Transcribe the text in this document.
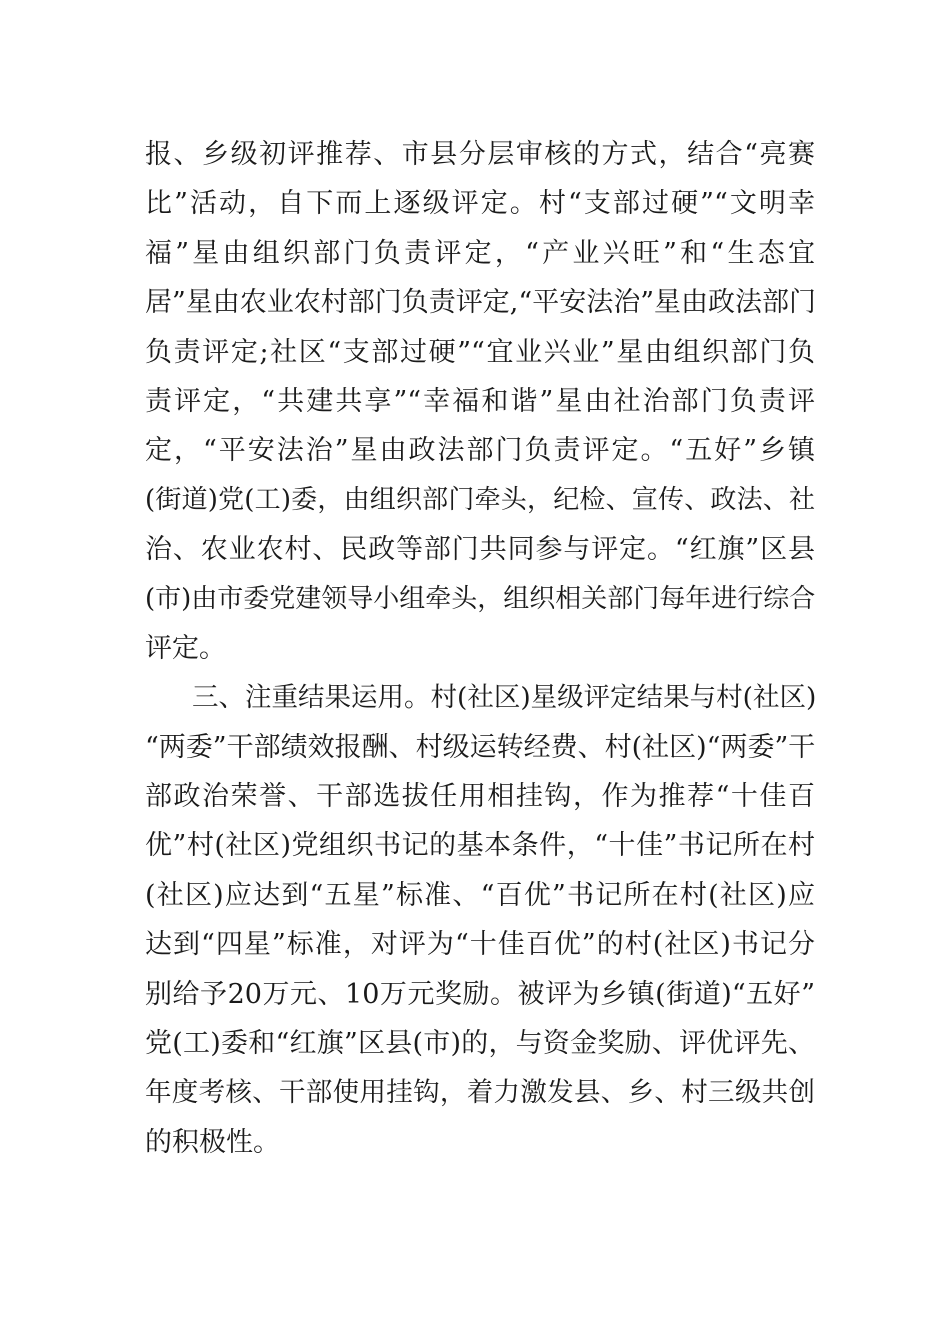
报、乡级初评推荐、市县分层审核的方式，结合“亮赛
比”活动，自下而上逐级评定。村“支部过硬”“文明幸
福”星由组织部门负责评定，“产业兴旺”和“生态宜
居”星由农业农村部门负责评定,“平安法治”星由政法部门
负责评定;社区“支部过硬”“宜业兴业”星由组织部门负
责评定，“共建共享”“幸福和谐”星由社治部门负责评
定，“平安法治”星由政法部门负责评定。“五好”乡镇
(街道)党(工)委，由组织部门牵头，纪检、宣传、政法、社
治、农业农村、民政等部门共同参与评定。“红旗”区县
(市)由市委党建领导小组牵头，组织相关部门每年进行综合
评定。
三、注重结果运用。村(社区)星级评定结果与村(社区)
“两委”干部绩效报酬、村级运转经费、村(社区)“两委”干
部政治荣誉、干部选拔任用相挂钩，作为推荐“十佳百
优”村(社区)党组织书记的基本条件，“十佳”书记所在村
(社区)应达到“五星”标准、“百优”书记所在村(社区)应
达到“四星”标准，对评为“十佳百优”的村(社区)书记分
别给予20万元、10万元奖励。被评为乡镇(街道)“五好”
党(工)委和“红旗”区县(市)的，与资金奖励、评优评先、
年度考核、干部使用挂钩，着力激发县、乡、村三级共创
的积极性。
